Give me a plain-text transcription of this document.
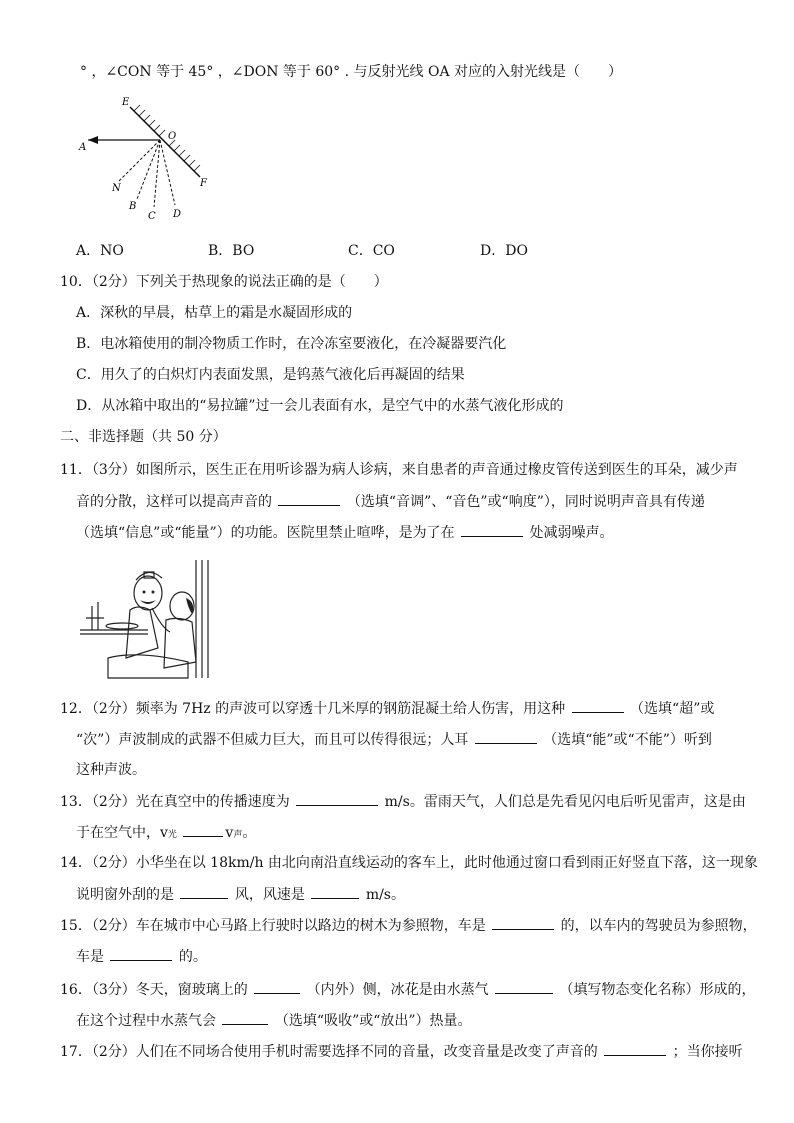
° ，∠CON 等于 45° ，∠DON 等于 60° . 与反射光线 OA 对应的入射光线是（　　）
E
O
A
N
B
C D
F
A．NO	B．BO	C．CO	D．DO
10．（2分）下列关于热现象的说法正确的是（　　）
A．深秋的早晨，枯草上的霜是水凝固形成的
B．电冰箱使用的制冷物质工作时，在冷冻室要液化，在冷凝器要汽化
C．用久了的白炽灯内表面发黑，是钨蒸气液化后再凝固的结果
D．从冰箱中取出的“易拉罐”过一会儿表面有水，是空气中的水蒸气液化形成的
二、非选择题（共 50 分）
11．（3分）如图所示，医生正在用听诊器为病人诊病，来自患者的声音通过橡皮管传送到医生的耳朵，减少声
音的分散，这样可以提高声音的	（选填“音调”、“音色”或“响度”），同时说明声音具有传递
（选填“信息”或“能量”）的功能。医院里禁止喧哗，是为了在	处减弱噪声。
12．（2分）频率为 7Hz 的声波可以穿透十几米厚的钢筋混凝土给人伤害，用这种	（选填“超”或
“次”）声波制成的武器不但威力巨大，而且可以传得很远；人耳	（选填“能”或“不能”）听到
这种声波。
13．（2分）光在真空中的传播速度为	m/s。雷雨天气，人们总是先看见闪电后听见雷声，这是由
于在空气中，v光	v声。
14．（2分）小华坐在以 18km/h 由北向南沿直线运动的客车上，此时他通过窗口看到雨正好竖直下落，这一现象
说明窗外刮的是	风，风速是	m/s。
15．（2分）车在城市中心马路上行驶时以路边的树木为参照物，车是	的，以车内的驾驶员为参照物，
车是	的。
16．（3分）冬天，窗玻璃上的	（内外）侧，冰花是由水蒸气	（填写物态变化名称）形成的，
在这个过程中水蒸气会	（选填“吸收”或“放出”）热量。
17．（2分）人们在不同场合使用手机时需要选择不同的音量，改变音量是改变了声音的	；当你接听
